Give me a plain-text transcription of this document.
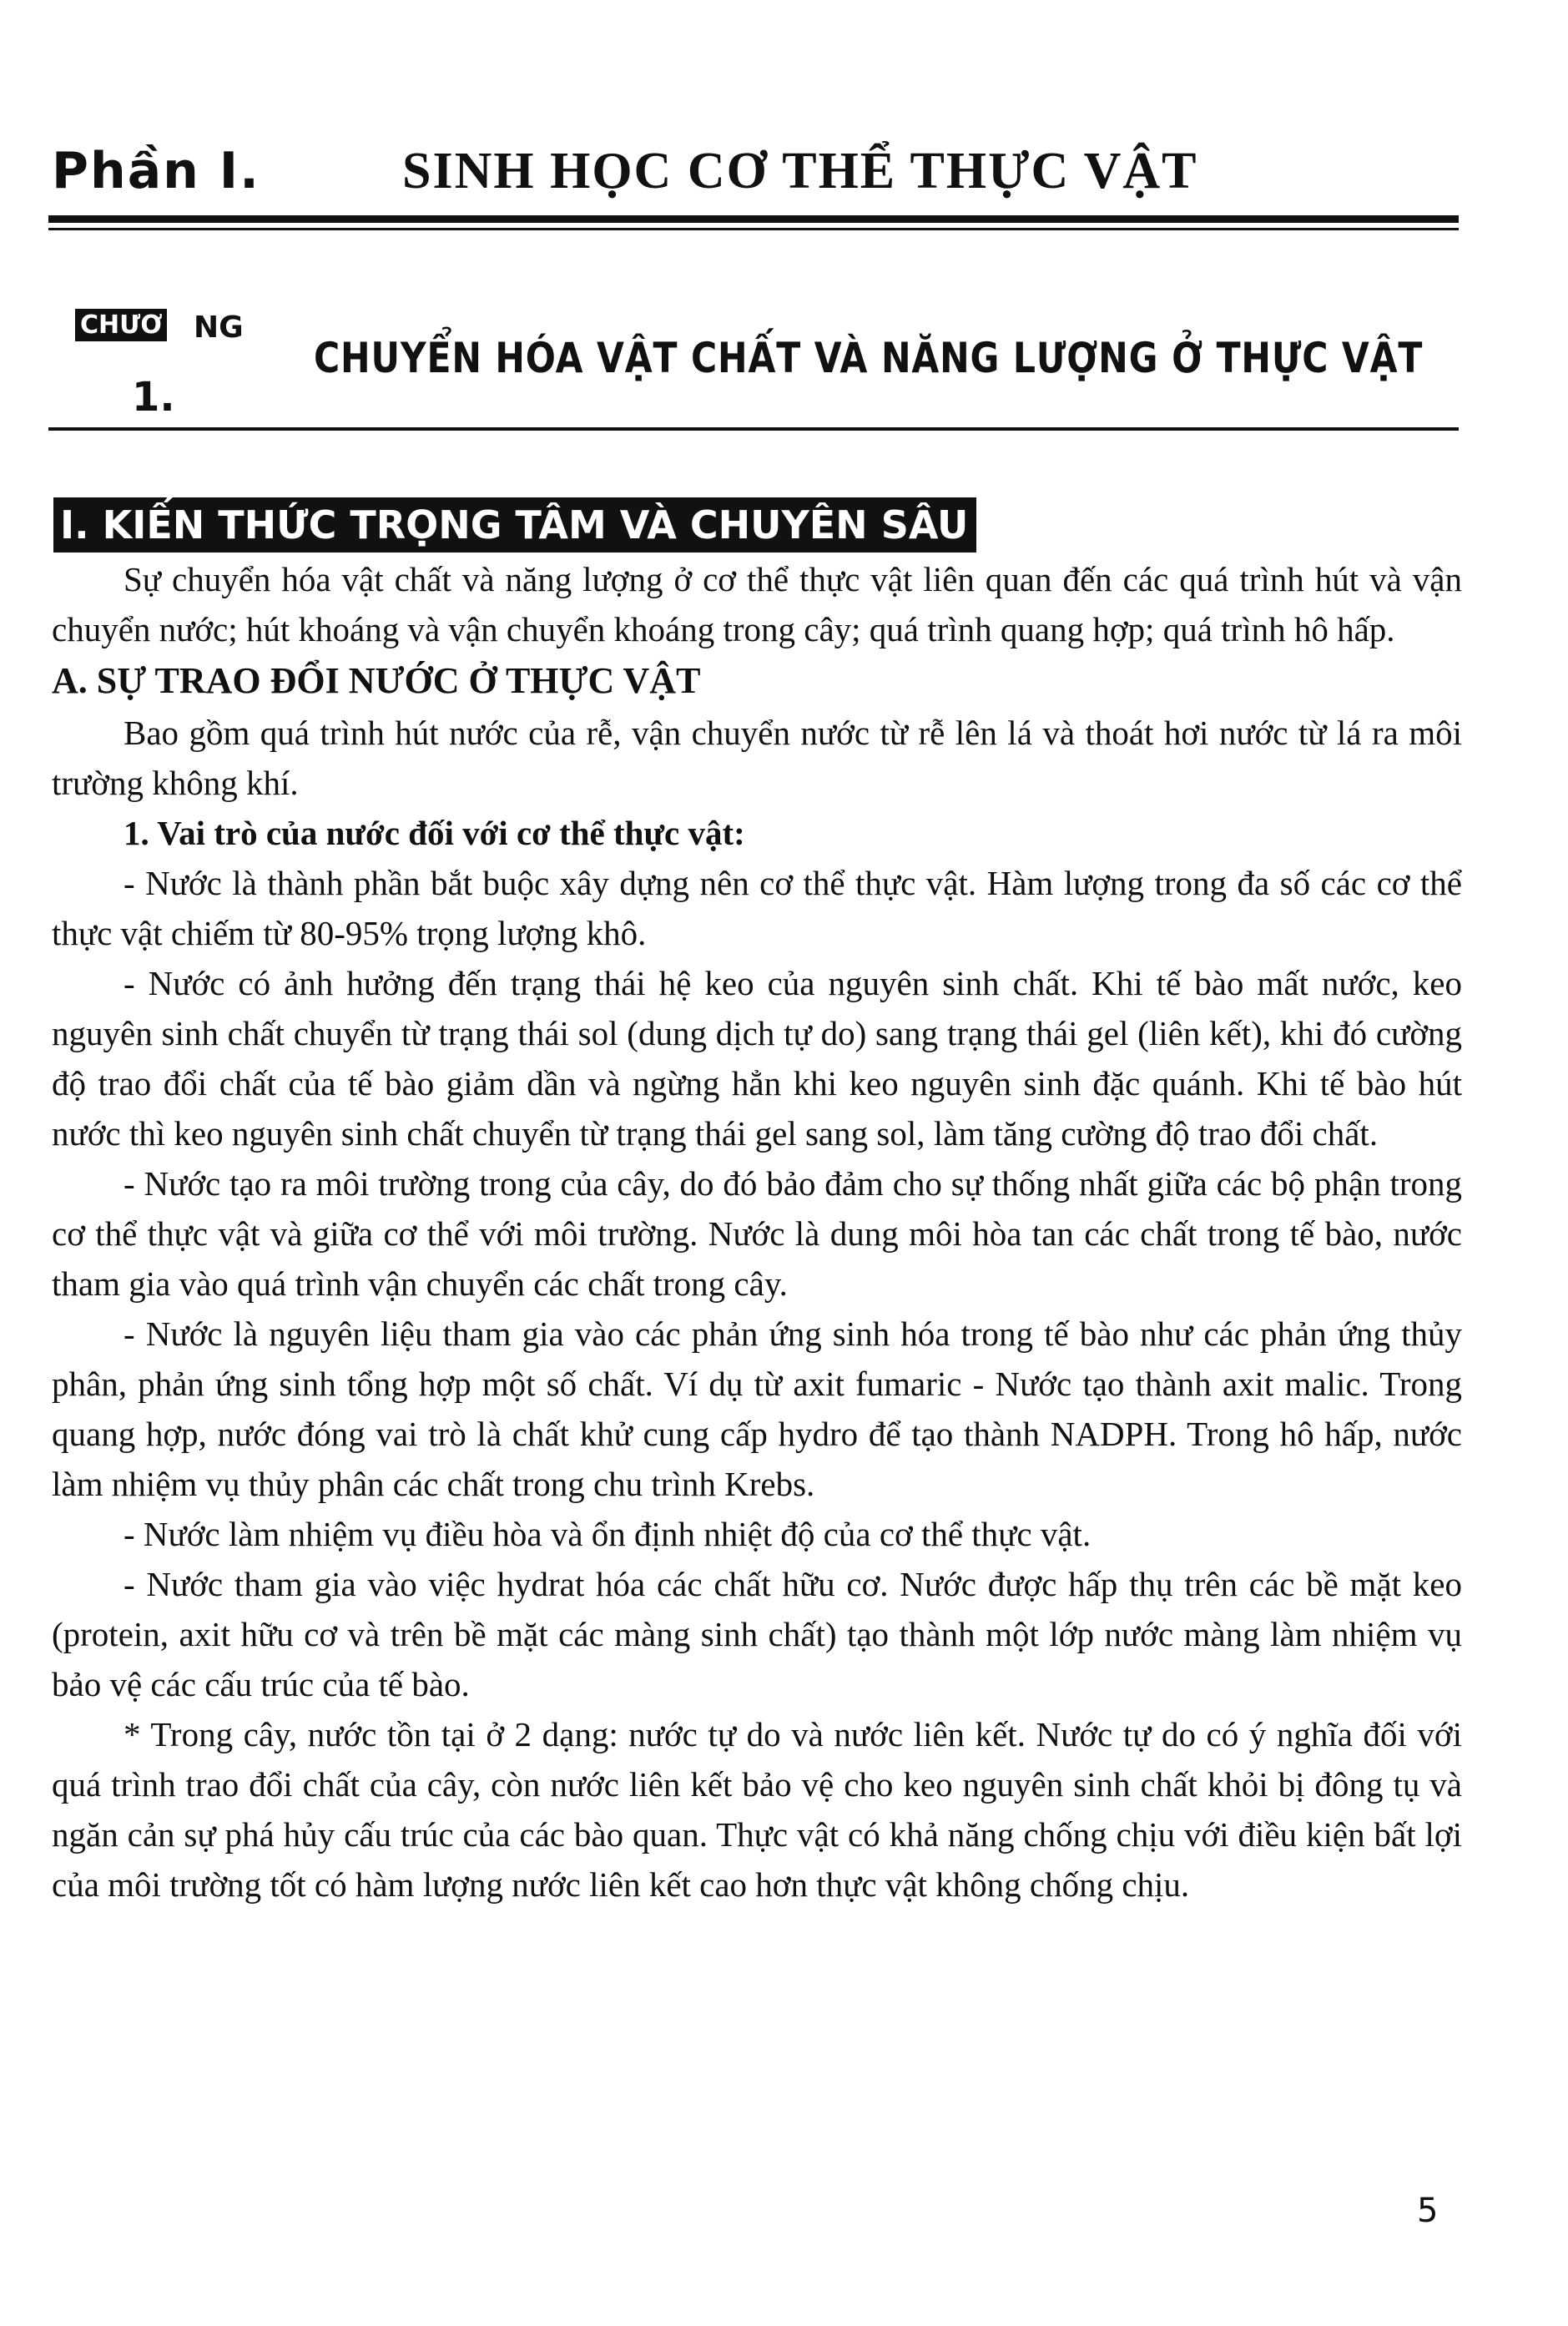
Phần I.	SINH HỌC CƠ THỂ THỰC VẬT
CHƯƠ NG
1.
CHUYỂN HÓA VẬT CHẤT VÀ NĂNG LƯỢNG Ở THỰC VẬT
I. KIẾN THỨC TRỌNG TÂM VÀ CHUYÊN SÂU

Sự chuyển hóa vật chất và năng lượng ở cơ thể thực vật liên quan đến các quá trình hút và vận chuyển nước; hút khoáng và vận chuyển khoáng trong cây; quá trình quang hợp; quá trình hô hấp.

A. SỰ TRAO ĐỔI NƯỚC Ở THỰC VẬT

Bao gồm quá trình hút nước của rễ, vận chuyển nước từ rễ lên lá và thoát hơi nước từ lá ra môi trường không khí.

1. Vai trò của nước đối với cơ thể thực vật:

- Nước là thành phần bắt buộc xây dựng nên cơ thể thực vật. Hàm lượng trong đa số các cơ thể thực vật chiếm từ 80-95% trọng lượng khô.

- Nước có ảnh hưởng đến trạng thái hệ keo của nguyên sinh chất. Khi tế bào mất nước, keo nguyên sinh chất chuyển từ trạng thái sol (dung dịch tự do) sang trạng thái gel (liên kết), khi đó cường độ trao đổi chất của tế bào giảm dần và ngừng hẳn khi keo nguyên sinh đặc quánh. Khi tế bào hút nước thì keo nguyên sinh chất chuyển từ trạng thái gel sang sol, làm tăng cường độ trao đổi chất.

- Nước tạo ra môi trường trong của cây, do đó bảo đảm cho sự thống nhất giữa các bộ phận trong cơ thể thực vật và giữa cơ thể với môi trường. Nước là dung môi hòa tan các chất trong tế bào, nước tham gia vào quá trình vận chuyển các chất trong cây.

- Nước là nguyên liệu tham gia vào các phản ứng sinh hóa trong tế bào như các phản ứng thủy phân, phản ứng sinh tổng hợp một số chất. Ví dụ từ axit fumaric - Nước tạo thành axit malic. Trong quang hợp, nước đóng vai trò là chất khử cung cấp hydro để tạo thành NADPH. Trong hô hấp, nước làm nhiệm vụ thủy phân các chất trong chu trình Krebs.

- Nước làm nhiệm vụ điều hòa và ổn định nhiệt độ của cơ thể thực vật.

- Nước tham gia vào việc hydrat hóa các chất hữu cơ. Nước được hấp thụ trên các bề mặt keo (protein, axit hữu cơ và trên bề mặt các màng sinh chất) tạo thành một lớp nước màng làm nhiệm vụ bảo vệ các cấu trúc của tế bào.

* Trong cây, nước tồn tại ở 2 dạng: nước tự do và nước liên kết. Nước tự do có ý nghĩa đối với quá trình trao đổi chất của cây, còn nước liên kết bảo vệ cho keo nguyên sinh chất khỏi bị đông tụ và ngăn cản sự phá hủy cấu trúc của các bào quan. Thực vật có khả năng chống chịu với điều kiện bất lợi của môi trường tốt có hàm lượng nước liên kết cao hơn thực vật không chống chịu.

5
